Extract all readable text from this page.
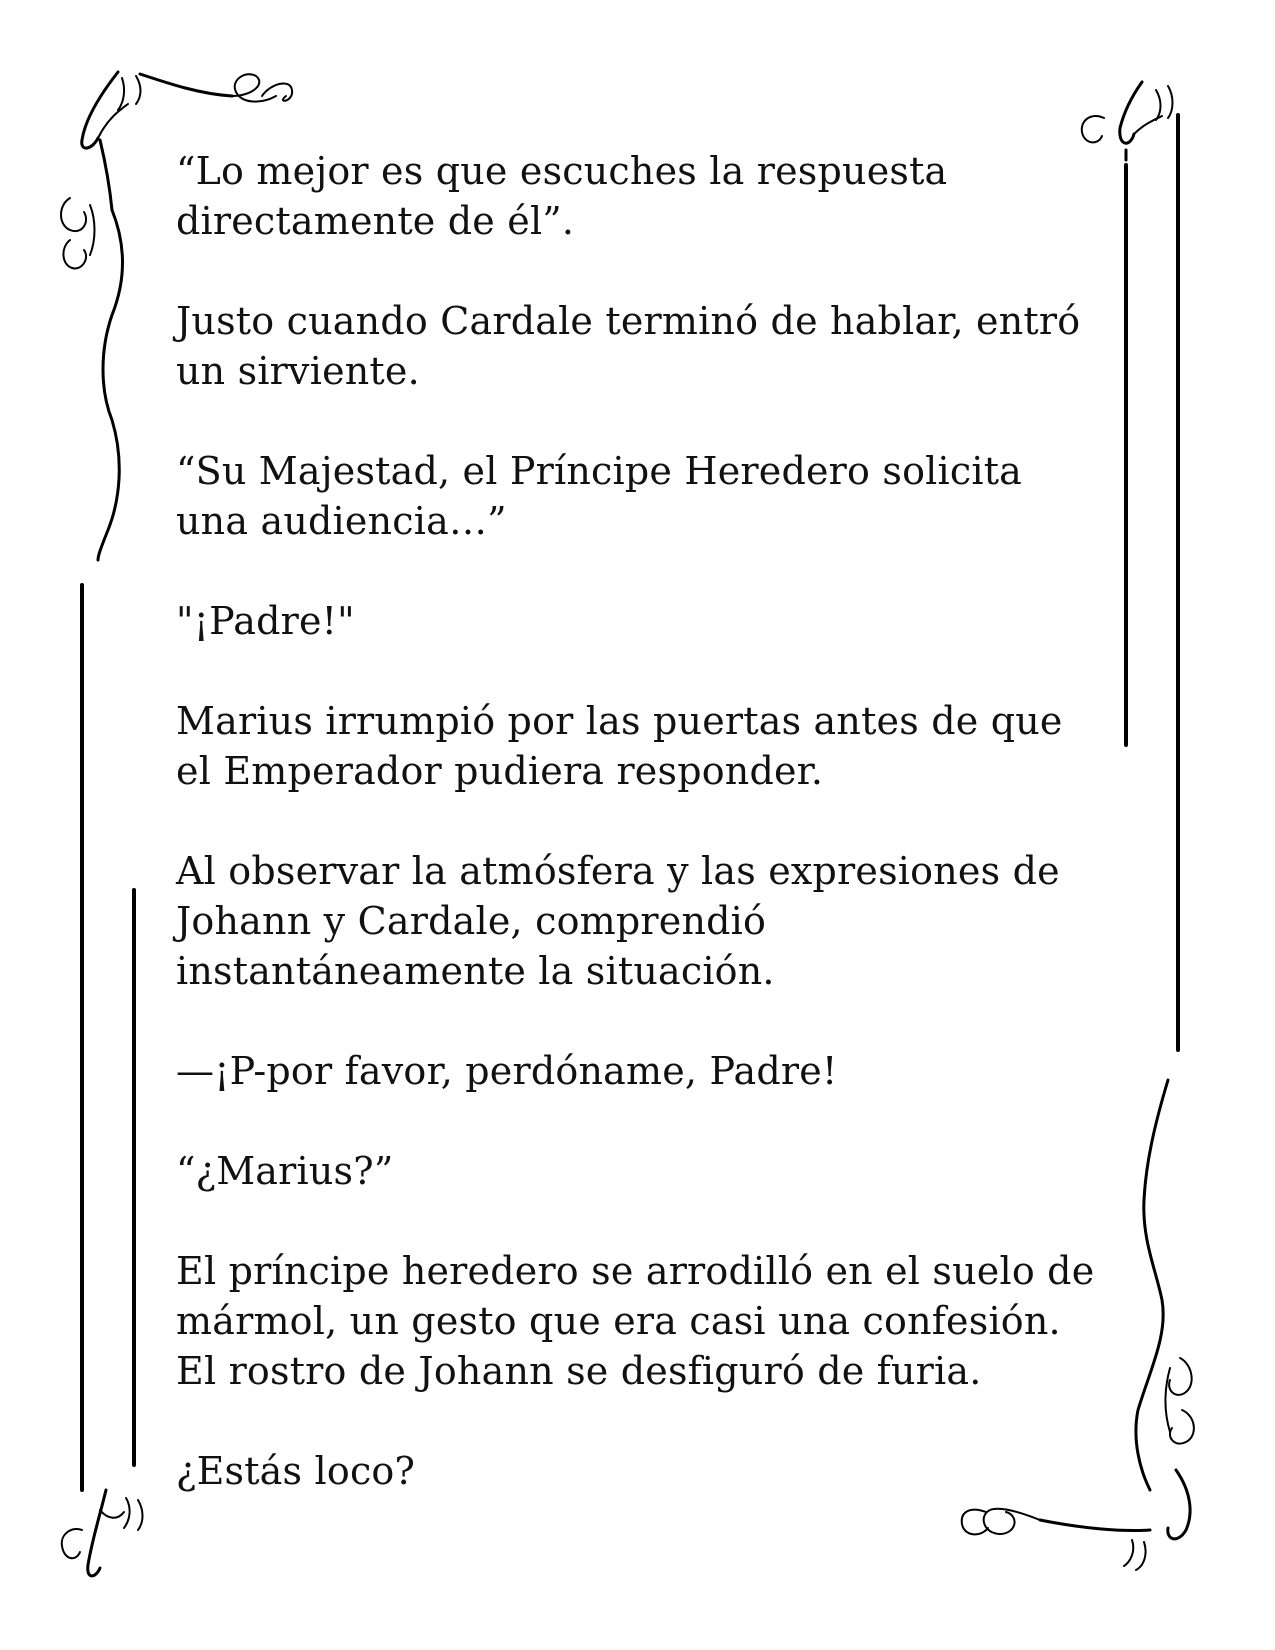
“Lo mejor es que escuches la respuesta directamente de él”.

Justo cuando Cardale terminó de hablar, entró un sirviente.

“Su Majestad, el Príncipe Heredero solicita una audiencia…”

"¡Padre!"

Marius irrumpió por las puertas antes de que el Emperador pudiera responder.

Al observar la atmósfera y las expresiones de Johann y Cardale, comprendió instantáneamente la situación.

—¡P-por favor, perdóname, Padre!

“¿Marius?”

El príncipe heredero se arrodilló en el suelo de mármol, un gesto que era casi una confesión. El rostro de Johann se desfiguró de furia.

¿Estás loco?
